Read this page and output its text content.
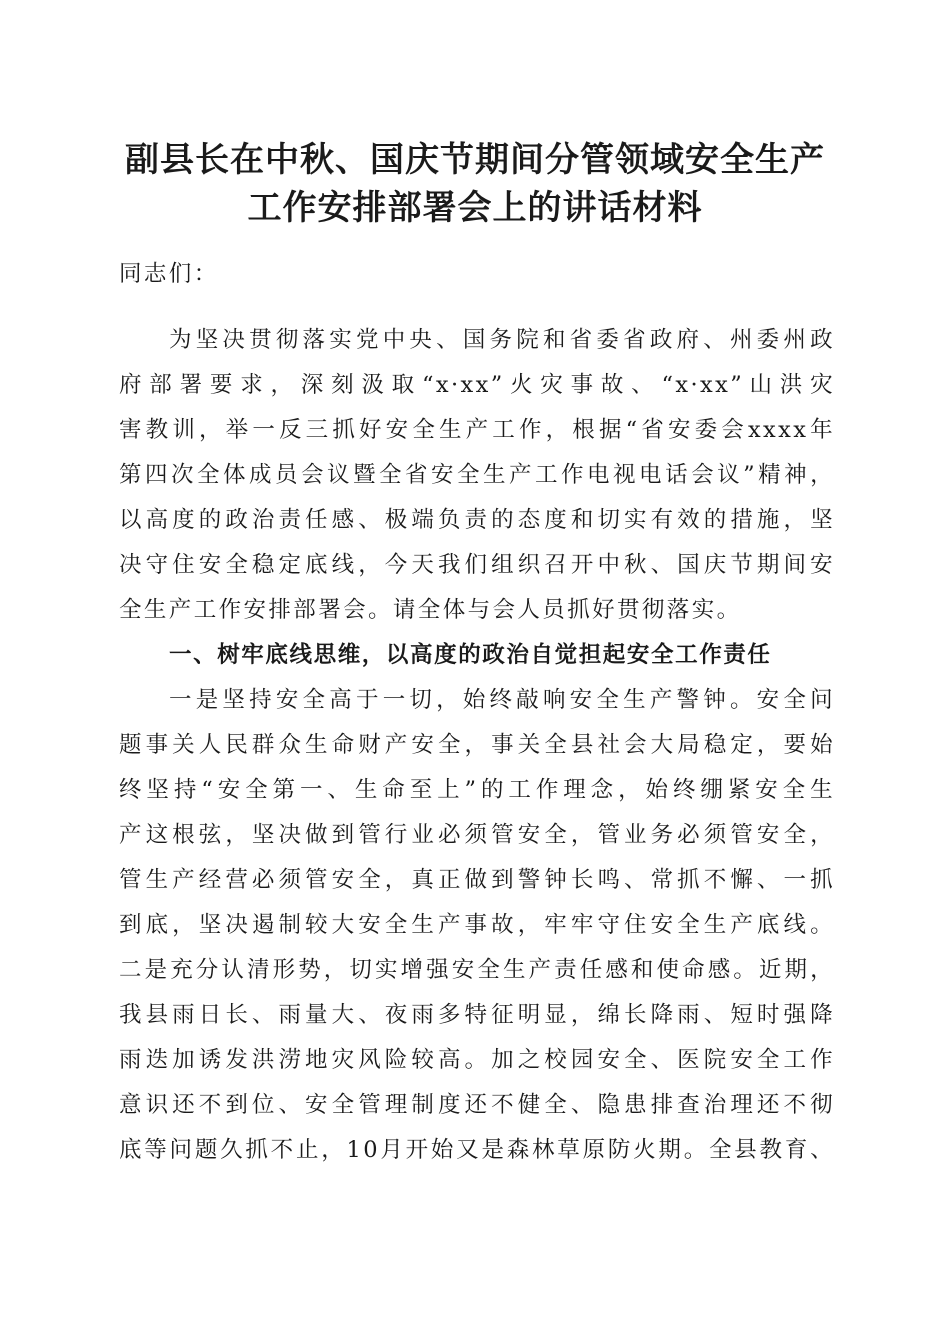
副县长在中秋、国庆节期间分管领域安全生产
工作安排部署会上的讲话材料

同志们：

为坚决贯彻落实党中央、国务院和省委省政府、州委州政

府部署要求，深刻汲取“x·xx”火灾事故、“x·xx”山洪灾

害教训，举一反三抓好安全生产工作，根据“省安委会xxxx年

第四次全体成员会议暨全省安全生产工作电视电话会议”精神，

以高度的政治责任感、极端负责的态度和切实有效的措施，坚

决守住安全稳定底线，今天我们组织召开中秋、国庆节期间安

全生产工作安排部署会。请全体与会人员抓好贯彻落实。

一、树牢底线思维，以高度的政治自觉担起安全工作责任

一是坚持安全高于一切，始终敲响安全生产警钟。安全问

题事关人民群众生命财产安全，事关全县社会大局稳定，要始

终坚持“安全第一、生命至上”的工作理念，始终绷紧安全生

产这根弦，坚决做到管行业必须管安全，管业务必须管安全，

管生产经营必须管安全，真正做到警钟长鸣、常抓不懈、一抓

到底，坚决遏制较大安全生产事故，牢牢守住安全生产底线。

二是充分认清形势，切实增强安全生产责任感和使命感。近期，

我县雨日长、雨量大、夜雨多特征明显，绵长降雨、短时强降

雨迭加诱发洪涝地灾风险较高。加之校园安全、医院安全工作

意识还不到位、安全管理制度还不健全、隐患排查治理还不彻

底等问题久抓不止，10月开始又是森林草原防火期。全县教育、
